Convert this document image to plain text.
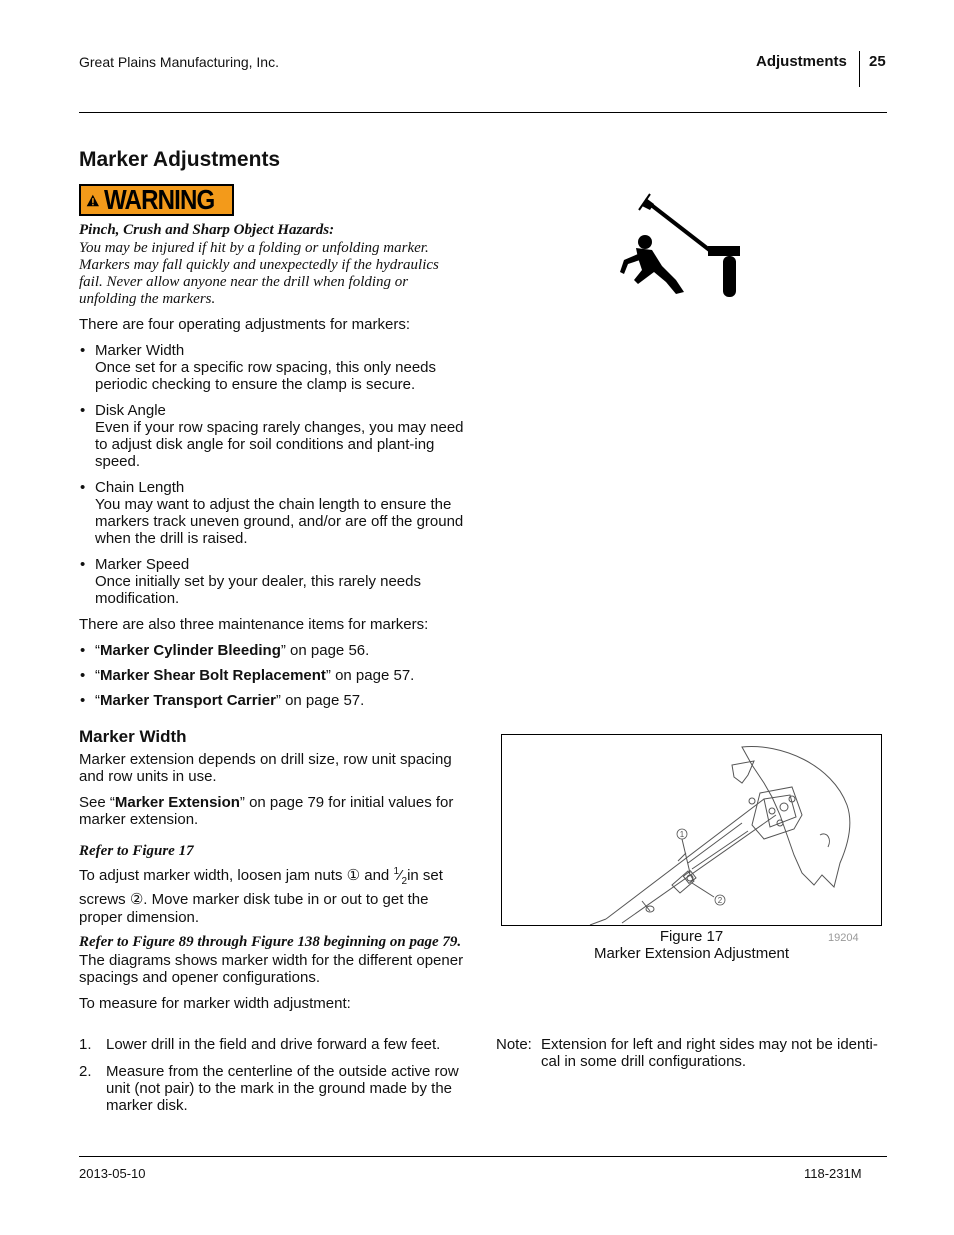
Great Plains Manufacturing, Inc.	Adjustments 25
Marker Adjustments
WARNING
Pinch, Crush and Sharp Object Hazards:
You may be injured if hit by a folding or unfolding marker. Markers may fall quickly and unexpectedly if the hydraulics fail. Never allow anyone near the drill when folding or unfolding the markers.
There are four operating adjustments for markers:
• Marker Width
Once set for a specific row spacing, this only needs periodic checking to ensure the clamp is secure.
• Disk Angle
Even if your row spacing rarely changes, you may need to adjust disk angle for soil conditions and plant-ing speed.
• Chain Length
You may want to adjust the chain length to ensure the markers track uneven ground, and/or are off the ground when the drill is raised.
• Marker Speed
Once initially set by your dealer, this rarely needs modification.
There are also three maintenance items for markers:
• “Marker Cylinder Bleeding” on page 56.
• “Marker Shear Bolt Replacement” on page 57.
• “Marker Transport Carrier” on page 57.
Marker Width
Marker extension depends on drill size, row unit spacing and row units in use.
See “Marker Extension” on page 79 for initial values for marker extension.
Refer to Figure 17
To adjust marker width, loosen jam nuts ① and $^1⁄_2in$ set screws ②. Move marker disk tube in or out to get the proper dimension.
Refer to Figure 89 through Figure 138 beginning on page 79.
The diagrams shows marker width for the different opener spacings and opener configurations.
To measure for marker width adjustment:
1. Lower drill in the field and drive forward a few feet.
2. Measure from the centerline of the outside active row unit (not pair) to the mark in the ground made by the marker disk.
1
2
Figure 17
Marker Extension Adjustment
19204
Note: Extension for left and right sides may not be identi-cal in some drill configurations.
2013-05-10	118-231M
